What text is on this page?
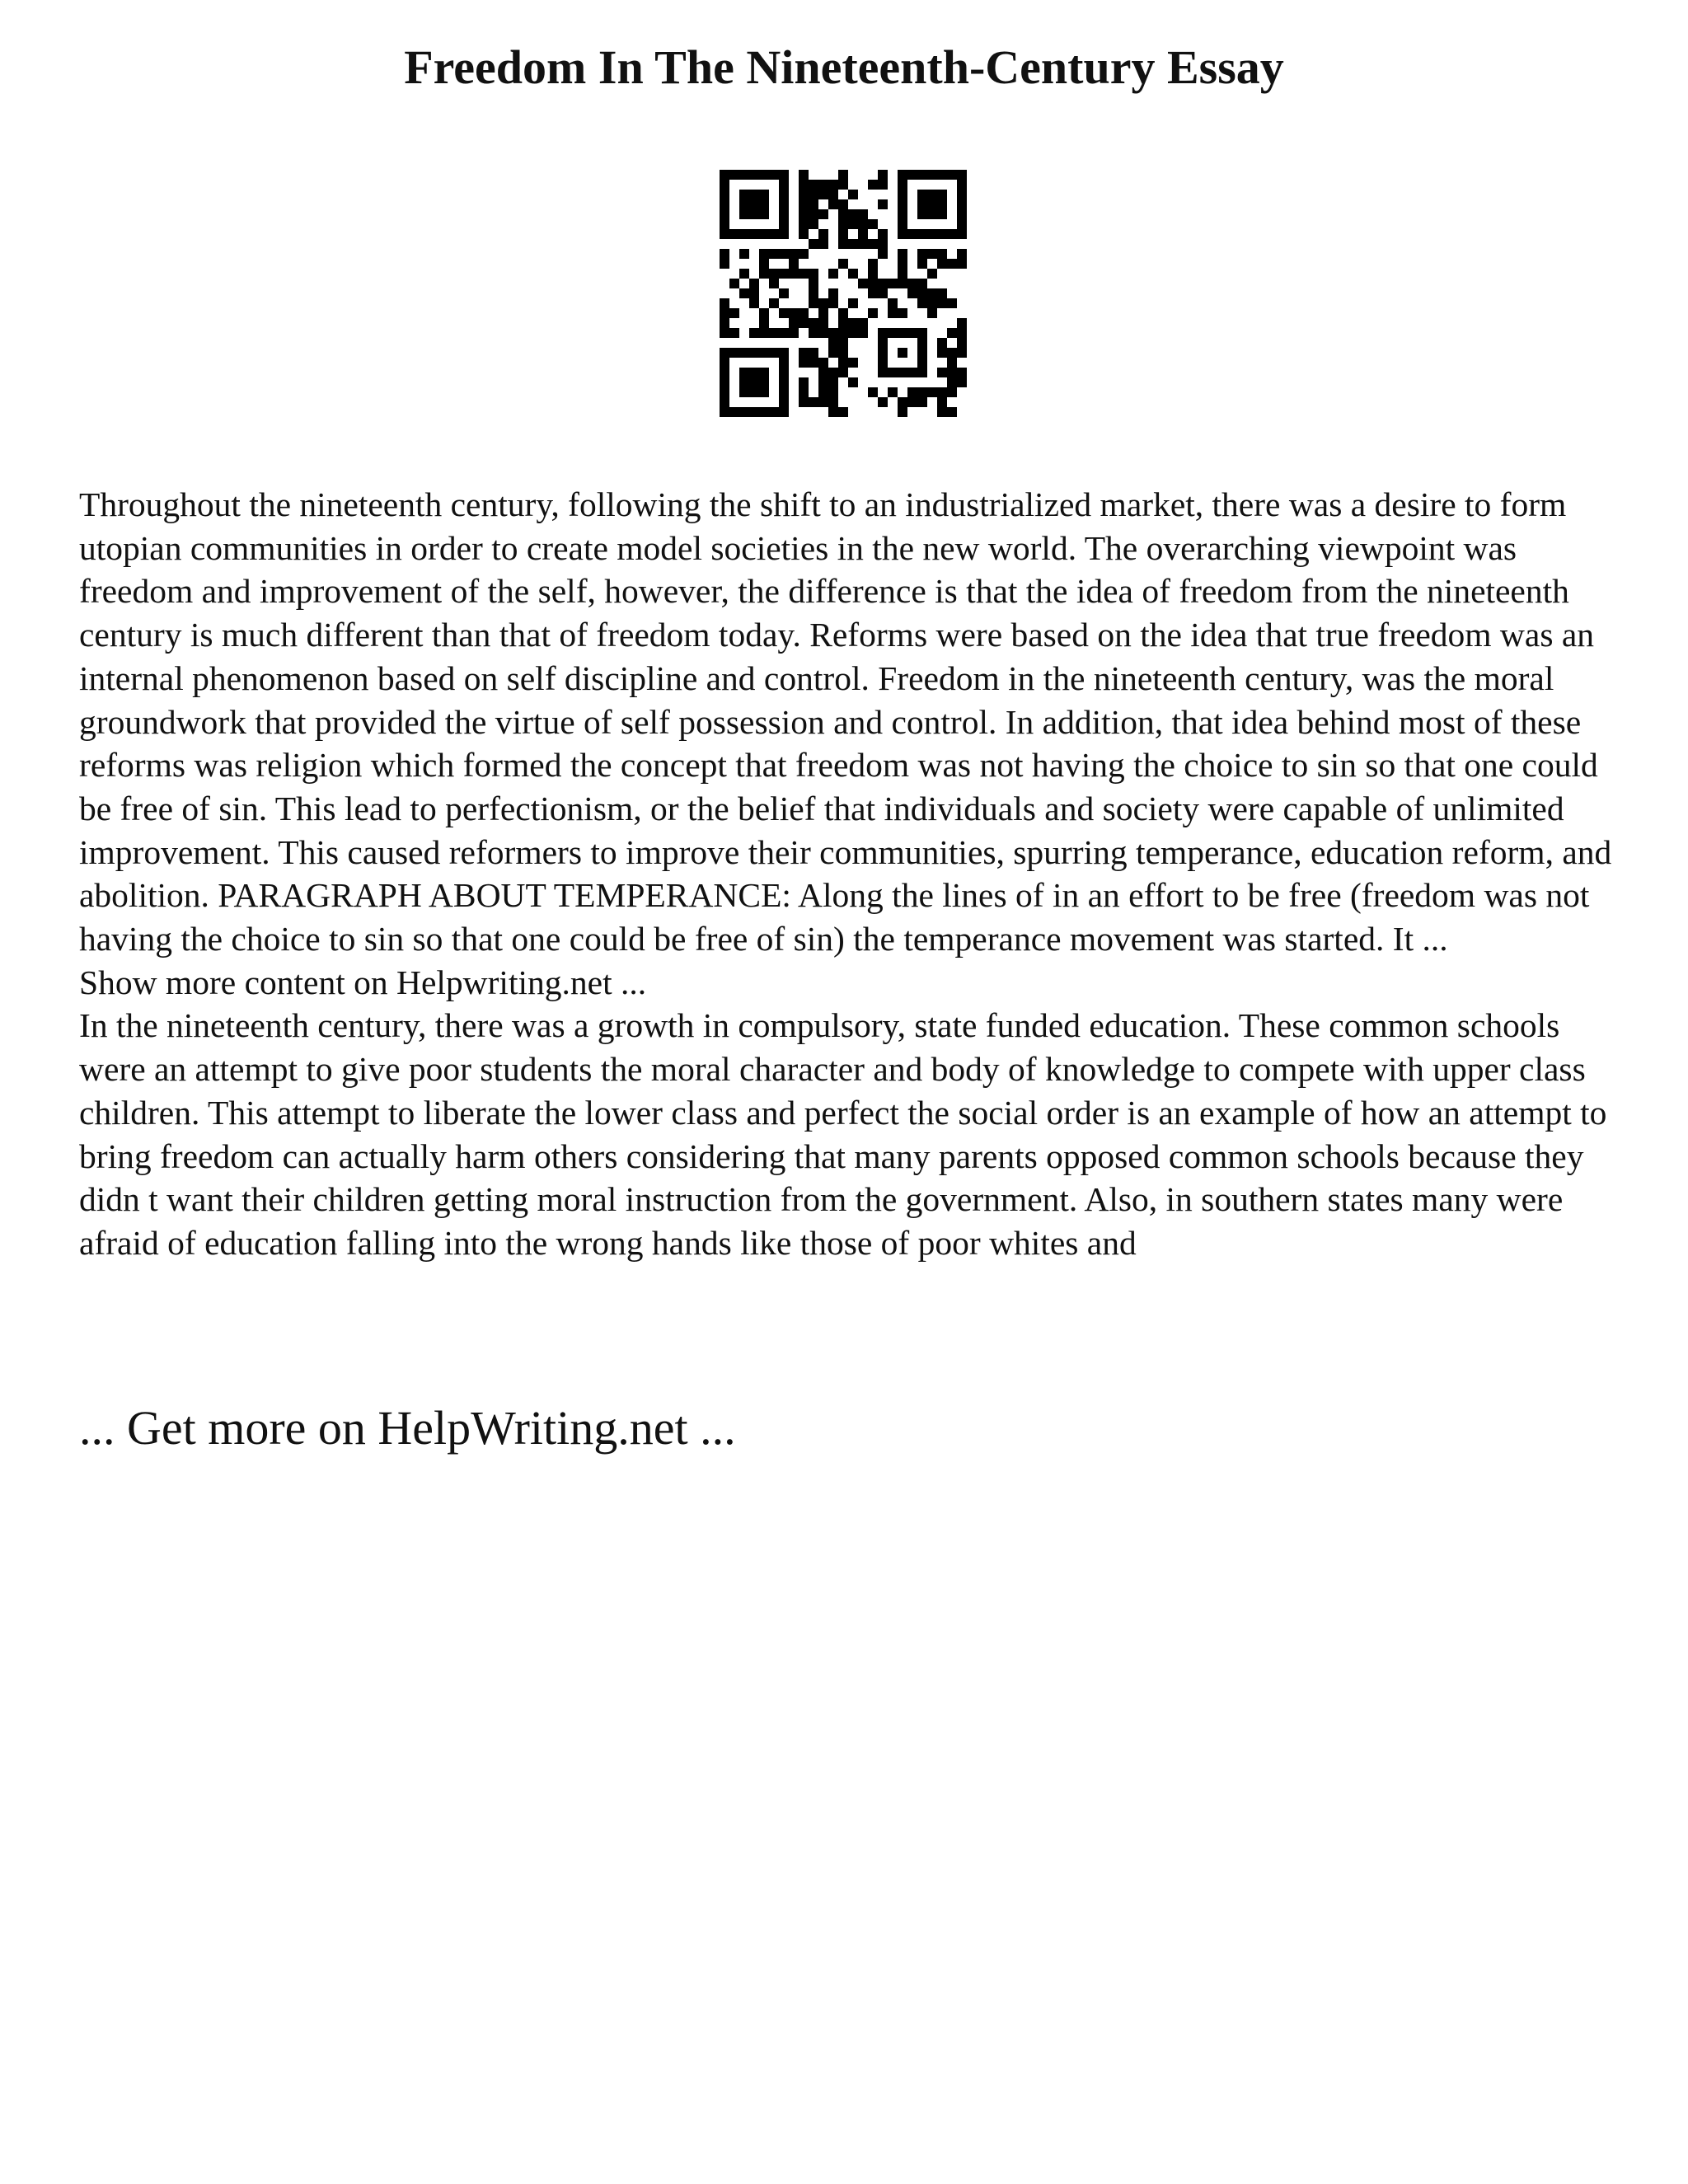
Freedom In The Nineteenth-Century Essay

Throughout the nineteenth century, following the shift to an industrialized market, there was a desire to form utopian communities in order to create model societies in the new world. The overarching viewpoint was freedom and improvement of the self, however, the difference is that the idea of freedom from the nineteenth century is much different than that of freedom today. Reforms were based on the idea that true freedom was an internal phenomenon based on self discipline and control. Freedom in the nineteenth century, was the moral groundwork that provided the virtue of self possession and control. In addition, that idea behind most of these reforms was religion which formed the concept that freedom was not having the choice to sin so that one could be free of sin. This lead to perfectionism, or the belief that individuals and society were capable of unlimited improvement. This caused reformers to improve their communities, spurring temperance, education reform, and abolition. PARAGRAPH ABOUT TEMPERANCE: Along the lines of in an effort to be free (freedom was not having the choice to sin so that one could be free of sin) the temperance movement was started. It ...

Show more content on Helpwriting.net ...

In the nineteenth century, there was a growth in compulsory, state funded education. These common schools were an attempt to give poor students the moral character and body of knowledge to compete with upper class children. This attempt to liberate the lower class and perfect the social order is an example of how an attempt to bring freedom can actually harm others considering that many parents opposed common schools because they didn t want their children getting moral instruction from the government. Also, in southern states many were afraid of education falling into the wrong hands like those of poor whites and

... Get more on HelpWriting.net ...
